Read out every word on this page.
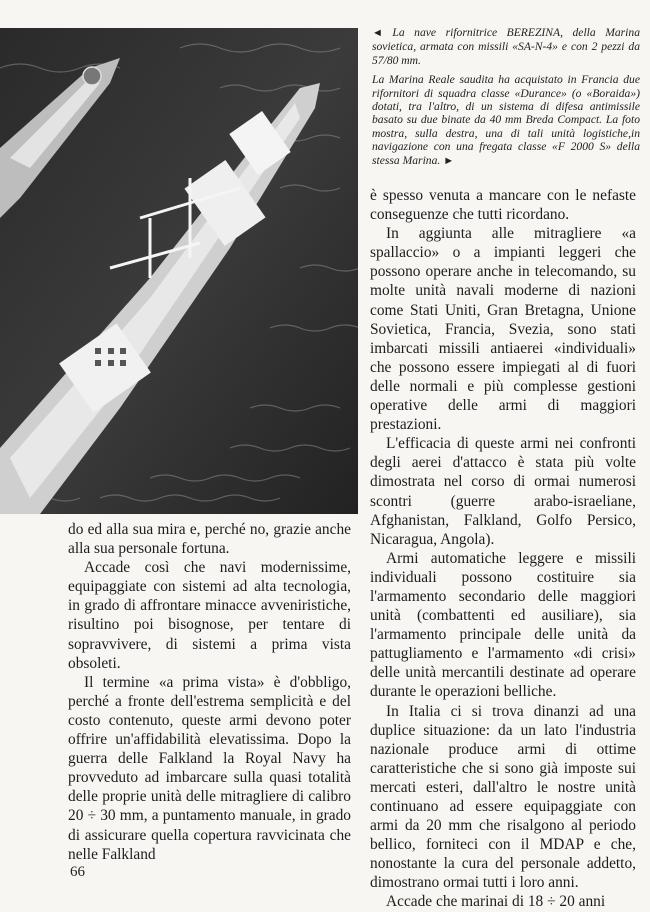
◄ La nave rifornitrice BEREZINA, della Marina sovietica, armata con missili «SA-N-4» e con 2 pezzi da 57/80 mm.

La Marina Reale saudita ha acquistato in Francia due rifornitori di squadra classe «Durance» (o «Boraida») dotati, tra l'altro, di un sistema di difesa antimissile basato su due binate da 40 mm Breda Compact. La foto mostra, sulla destra, una di tali unità logistiche,in navigazione con una fregata classe «F 2000 S» della stessa Marina. ►

do ed alla sua mira e, perché no, grazie anche alla sua personale fortuna.

Accade così che navi modernissime, equipaggiate con sistemi ad alta tecnologia, in grado di affrontare minacce avveniristiche, risultino poi bisognose, per tentare di sopravvivere, di sistemi a prima vista obsoleti.

Il termine «a prima vista» è d'obbligo, perché a fronte dell'estrema semplicità e del costo contenuto, queste armi devono poter offrire un'affidabilità elevatissima. Dopo la guerra delle Falkland la Royal Navy ha provveduto ad imbarcare sulla quasi totalità delle proprie unità delle mitragliere di calibro 20 ÷ 30 mm, a puntamento manuale, in grado di assicurare quella copertura ravvicinata che nelle Falkland

è spesso venuta a mancare con le nefaste conseguenze che tutti ricordano.

In aggiunta alle mitragliere «a spallaccio» o a impianti leggeri che possono operare anche in telecomando, su molte unità navali moderne di nazioni come Stati Uniti, Gran Bretagna, Unione Sovietica, Francia, Svezia, sono stati imbarcati missili antiaerei «individuali» che possono essere impiegati al di fuori delle normali e più complesse gestioni operative delle armi di maggiori prestazioni.

L'efficacia di queste armi nei confronti degli aerei d'attacco è stata più volte dimostrata nel corso di ormai numerosi scontri (guerre arabo-israeliane, Afghanistan, Falkland, Golfo Persico, Nicaragua, Angola).

Armi automatiche leggere e missili individuali possono costituire sia l'armamento secondario delle maggiori unità (combattenti ed ausiliare), sia l'armamento principale delle unità da pattugliamento e l'armamento «di crisi» delle unità mercantili destinate ad operare durante le operazioni belliche.

In Italia ci si trova dinanzi ad una duplice situazione: da un lato l'industria nazionale produce armi di ottime caratteristiche che si sono già imposte sui mercati esteri, dall'altro le nostre unità continuano ad essere equipaggiate con armi da 20 mm che risalgono al periodo bellico, forniteci con il MDAP e che, nonostante la cura del personale addetto, dimostrano ormai tutti i loro anni.

Accade che marinai di 18 ÷ 20 anni

66
